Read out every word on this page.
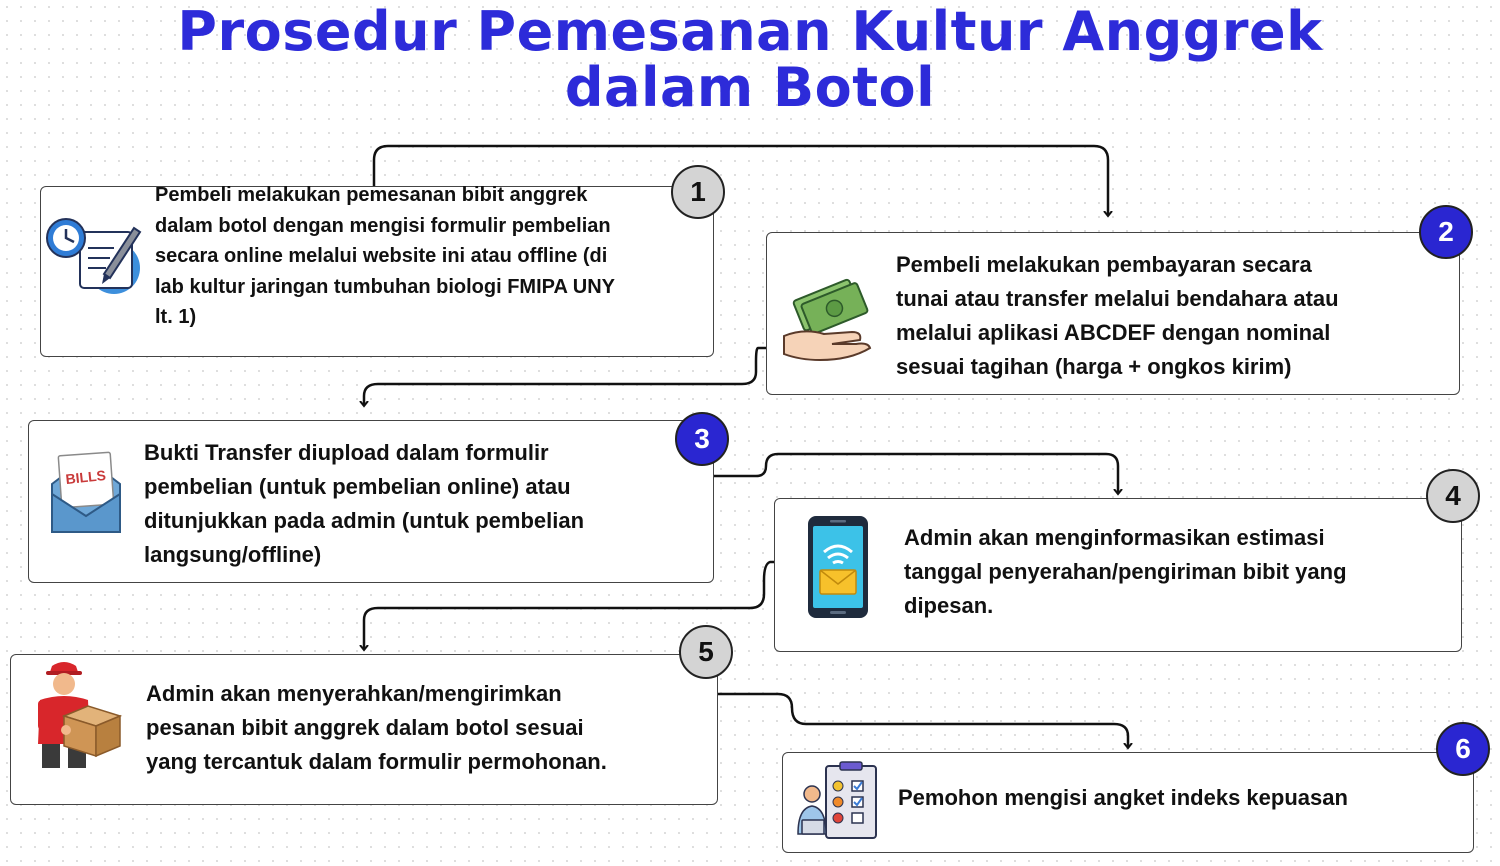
Prosedur Pemesanan Kultur Anggrek
dalam Botol
Pembeli melakukan pemesanan bibit anggrek
dalam botol dengan mengisi formulir pembelian
secara online melalui website ini atau offline (di
lab kultur jaringan tumbuhan biologi FMIPA UNY
lt. 1)
1
Pembeli melakukan pembayaran secara
tunai atau transfer melalui bendahara atau
melalui aplikasi ABCDEF dengan nominal
sesuai tagihan (harga + ongkos kirim)
2
BILLS
Bukti Transfer diupload dalam formulir
pembelian (untuk pembelian online) atau
ditunjukkan pada admin (untuk pembelian
langsung/offline)
3
Admin akan menginformasikan estimasi
tanggal penyerahan/pengiriman bibit yang
dipesan.
4
Admin akan menyerahkan/mengirimkan
pesanan bibit anggrek dalam botol sesuai
yang tercantuk dalam formulir permohonan.
5
Pemohon mengisi angket indeks kepuasan
6
